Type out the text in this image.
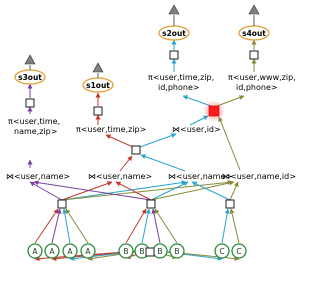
A A A A	B B B B	C C
⋈<user,name> ⋈<user,name> ⋈<user,name>
⋈<user,name,id>
⋈<user,id>
π<user,time,
name,zip> π<user,time,zip>
π<user,time,zip,
id,phone>
π<user,www,zip,
id,phone>
s3out
s1out
s2out	s4out
